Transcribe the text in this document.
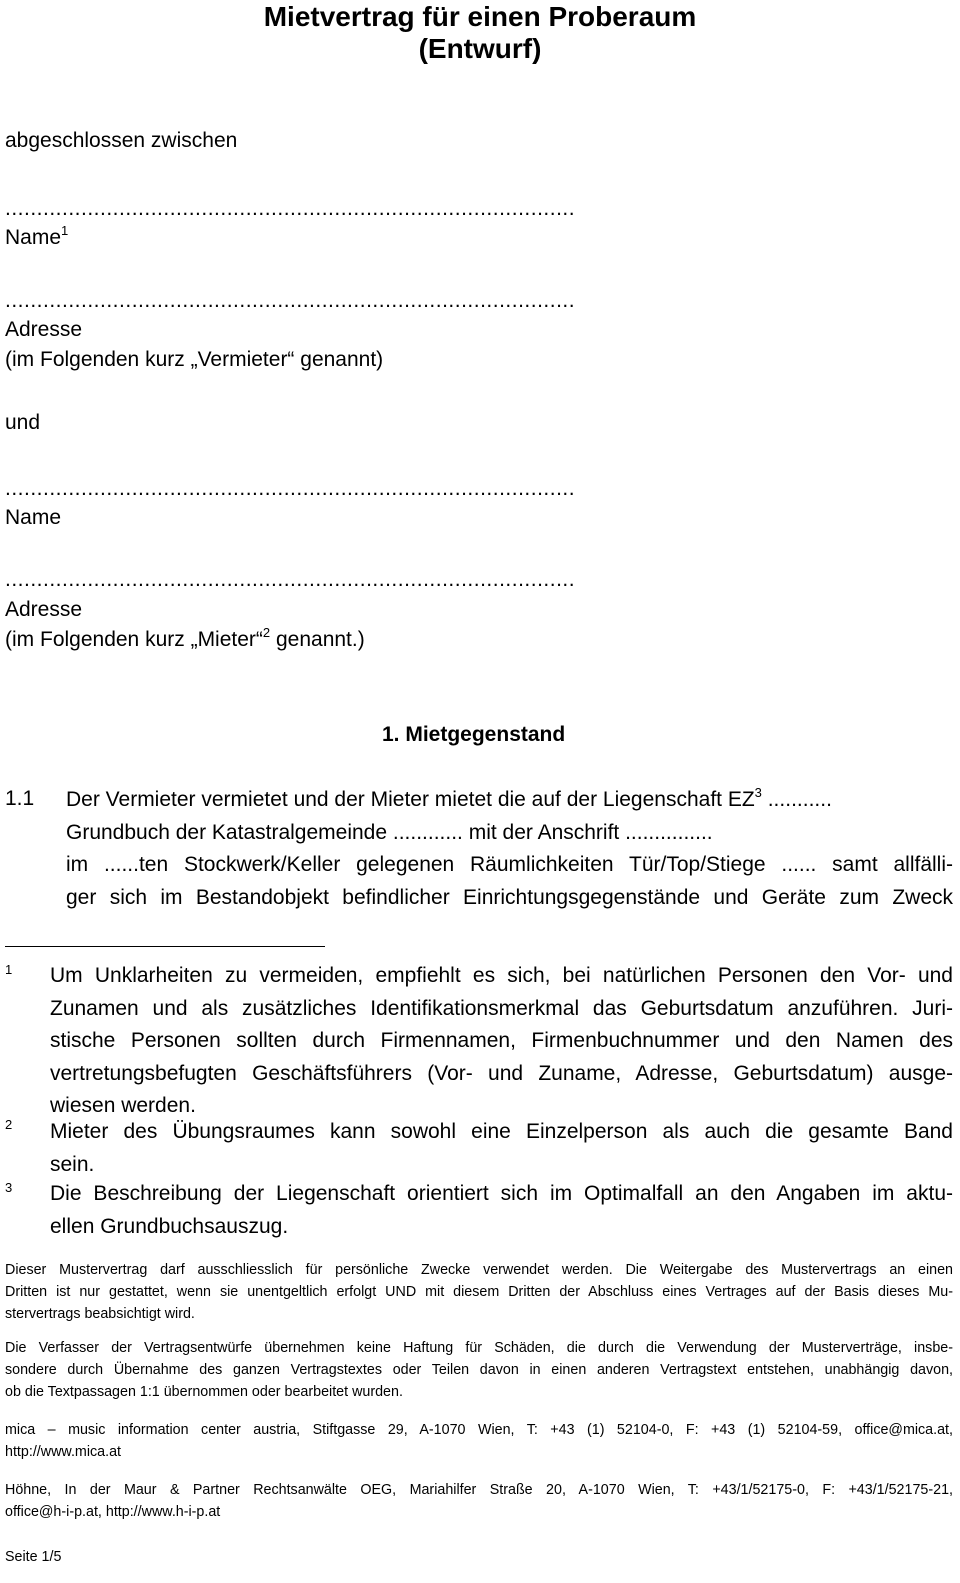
Mietvertrag für einen Proberaum
(Entwurf)
abgeschlossen zwischen
..........................................................................................
Name$^1$
..........................................................................................
Adresse
(im Folgenden kurz „Vermieter“ genannt)
und
..........................................................................................
Name
..........................................................................................
Adresse
(im Folgenden kurz „Mieter“$^2$ genannt.)
1. Mietgegenstand
1.1 Der Vermieter vermietet und der Mieter mietet die auf der Liegenschaft $EZ^3$ ...........
Grundbuch der Katastralgemeinde ............ mit der Anschrift ...............
im ......ten Stockwerk/Keller gelegenen Räumlichkeiten Tür/Top/Stiege ...... samt allfälli-
ger sich im Bestandobjekt befindlicher Einrichtungsgegenstände und Geräte zum Zweck
1 Um Unklarheiten zu vermeiden, empfiehlt es sich, bei natürlichen Personen den Vor- und
Zunamen und als zusätzliches Identifikationsmerkmal das Geburtsdatum anzuführen. Juri-
stische Personen sollten durch Firmennamen, Firmenbuchnummer und den Namen des
vertretungsbefugten Geschäftsführers (Vor- und Zuname, Adresse, Geburtsdatum) ausge-
wiesen werden.
2 Mieter des Übungsraumes kann sowohl eine Einzelperson als auch die gesamte Band
sein.
3 Die Beschreibung der Liegenschaft orientiert sich im Optimalfall an den Angaben im aktu-
ellen Grundbuchsauszug.
Dieser Mustervertrag darf ausschliesslich für persönliche Zwecke verwendet werden. Die Weitergabe des Mustervertrags an einen
Dritten ist nur gestattet, wenn sie unentgeltlich erfolgt UND mit diesem Dritten der Abschluss eines Vertrages auf der Basis dieses Mu-
stervertrags beabsichtigt wird.
Die Verfasser der Vertragsentwürfe übernehmen keine Haftung für Schäden, die durch die Verwendung der Musterverträge, insbe-
sondere durch Übernahme des ganzen Vertragstextes oder Teilen davon in einen anderen Vertragstext entstehen, unabhängig davon,
ob die Textpassagen 1:1 übernommen oder bearbeitet wurden.
mica – music information center austria, Stiftgasse 29, A-1070 Wien, T: +43 (1) 52104-0, F: +43 (1) 52104-59, office@mica.at,
http://www.mica.at
Höhne, In der Maur & Partner Rechtsanwälte OEG, Mariahilfer Straße 20, A-1070 Wien, T: +43/1/52175-0, F: +43/1/52175-21,
office@h-i-p.at, http://www.h-i-p.at
Seite 1/5
